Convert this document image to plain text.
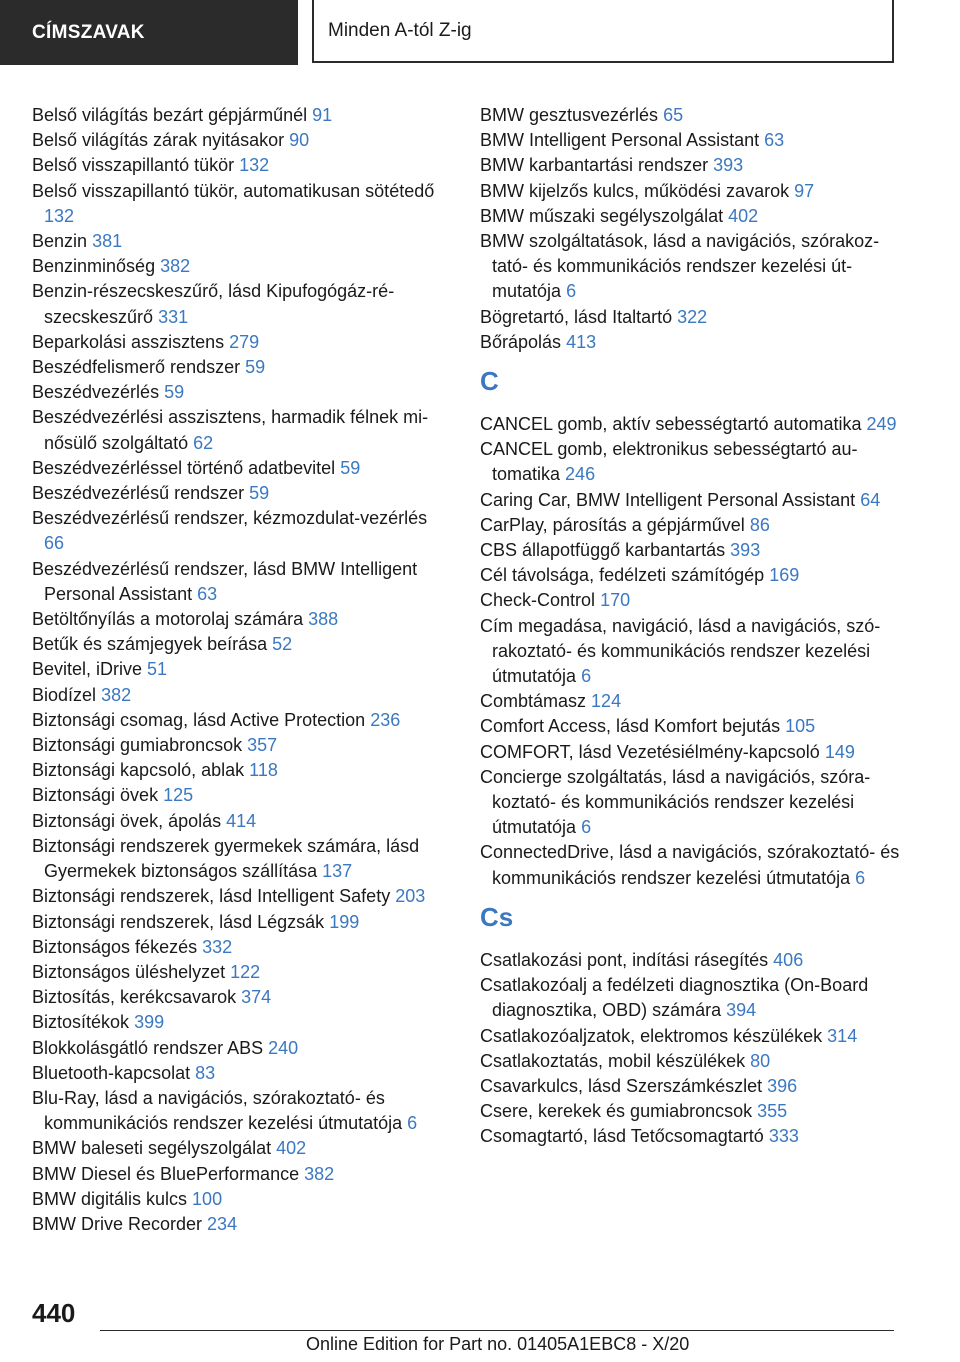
CÍMSZAVAK	Minden A-tól Z-ig
Belső világítás bezárt gépjárműnél 91
Belső világítás zárak nyitásakor 90
Belső visszapillantó tükör 132
Belső visszapillantó tükör, automatikusan sötétedő 132
Benzin 381
Benzinminőség 382
Benzin-részecskeszűrő, lásd Kipufogógáz-részecskeszűrő 331
Beparkolási asszisztens 279
Beszédfelismerő rendszer 59
Beszédvezérlés 59
Beszédvezérlési asszisztens, harmadik félnek minősülő szolgáltató 62
Beszédvezérléssel történő adatbevitel 59
Beszédvezérlésű rendszer 59
Beszédvezérlésű rendszer, kézmozdulat-vezérlés 66
Beszédvezérlésű rendszer, lásd BMW Intelligent Personal Assistant 63
Betöltőnyílás a motorolaj számára 388
Betűk és számjegyek beírása 52
Bevitel, iDrive 51
Biodízel 382
Biztonsági csomag, lásd Active Protection 236
Biztonsági gumiabroncsok 357
Biztonsági kapcsoló, ablak 118
Biztonsági övek 125
Biztonsági övek, ápolás 414
Biztonsági rendszerek gyermekek számára, lásd Gyermekek biztonságos szállítása 137
Biztonsági rendszerek, lásd Intelligent Safety 203
Biztonsági rendszerek, lásd Légzsák 199
Biztonságos fékezés 332
Biztonságos üléshelyzet 122
Biztosítás, kerékcsavarok 374
Biztosítékok 399
Blokkolásgátló rendszer ABS 240
Bluetooth-kapcsolat 83
Blu-Ray, lásd a navigációs, szórakoztató- és kommunikációs rendszer kezelési útmutatója 6
BMW baleseti segélyszolgálat 402
BMW Diesel és BluePerformance 382
BMW digitális kulcs 100
BMW Drive Recorder 234
BMW gesztusvezérlés 65
BMW Intelligent Personal Assistant 63
BMW karbantartási rendszer 393
BMW kijelzős kulcs, működési zavarok 97
BMW műszaki segélyszolgálat 402
BMW szolgáltatások, lásd a navigációs, szórakoztató- és kommunikációs rendszer kezelési útmutatója 6
Bögretartó, lásd Italtartó 322
Bőrápolás 413
C
CANCEL gomb, aktív sebességtartó automatika 249
CANCEL gomb, elektronikus sebességtartó automatika 246
Caring Car, BMW Intelligent Personal Assistant 64
CarPlay, párosítás a gépjárművel 86
CBS állapotfüggő karbantartás 393
Cél távolsága, fedélzeti számítógép 169
Check-Control 170
Cím megadása, navigáció, lásd a navigációs, szórakoztató- és kommunikációs rendszer kezelési útmutatója 6
Combtámasz 124
Comfort Access, lásd Komfort bejutás 105
COMFORT, lásd Vezetésiélmény-kapcsoló 149
Concierge szolgáltatás, lásd a navigációs, szórakoztató- és kommunikációs rendszer kezelési útmutatója 6
ConnectedDrive, lásd a navigációs, szórakoztató- és kommunikációs rendszer kezelési útmutatója 6
Cs
Csatlakozási pont, indítási rásegítés 406
Csatlakozóalj a fedélzeti diagnosztika (On-Board diagnosztika, OBD) számára 394
Csatlakozóaljzatok, elektromos készülékek 314
Csatlakoztatás, mobil készülékek 80
Csavarkulcs, lásd Szerszámkészlet 396
Csere, kerekek és gumiabroncsok 355
Csomagtartó, lásd Tetőcsomagtartó 333
440
Online Edition for Part no. 01405A1EBC8 - X/20
